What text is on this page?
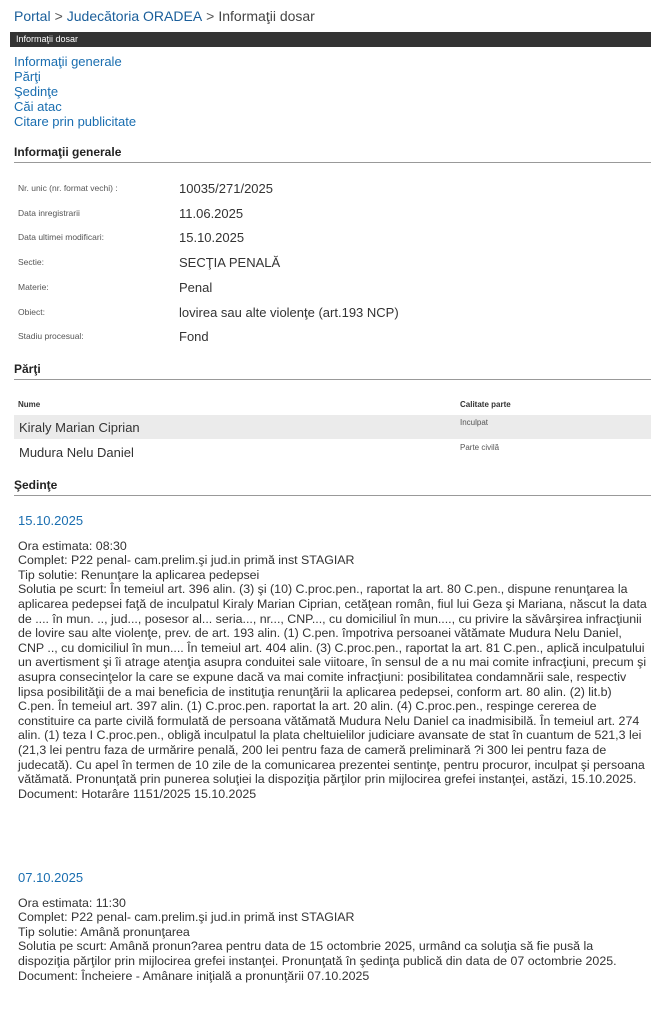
Portal > Judecătoria ORADEA > Informaţii dosar
Informaţii dosar
Informaţii generale
Părţi
Şedinţe
Căi atac
Citare prin publicitate
Informaţii generale
Nr. unic (nr. format vechi) :	10035/271/2025
Data inregistrarii	11.06.2025
Data ultimei modificari:	15.10.2025
Sectie:	SECŢIA PENALĂ
Materie:	Penal
Obiect:	lovirea sau alte violenţe (art.193 NCP)
Stadiu procesual:	Fond
Părţi
Nume	Calitate parte
Kiraly Marian Ciprian	Inculpat
Mudura Nelu Daniel	Parte civilă
Şedinţe
15.10.2025
Ora estimata: 08:30
Complet: P22 penal- cam.prelim.şi jud.in primă inst STAGIAR
Tip solutie: Renunţare la aplicarea pedepsei
Solutia pe scurt: În temeiul art. 396 alin. (3) şi (10) C.proc.pen., raportat la art. 80 C.pen., dispune renunţarea la aplicarea pedepsei faţă de inculpatul Kiraly Marian Ciprian, cetăţean român, fiul lui Geza şi Mariana, născut la data de .... în mun. .., jud..., posesor al... seria..., nr..., CNP..., cu domiciliul în mun...., cu privire la săvârşirea infracţiunii de lovire sau alte violenţe, prev. de art. 193 alin. (1) C.pen. împotriva persoanei vătămate Mudura Nelu Daniel, CNP .., cu domiciliul în mun.... În temeiul art. 404 alin. (3) C.proc.pen., raportat la art. 81 C.pen., aplică inculpatului un avertisment şi îi atrage atenţia asupra conduitei sale viitoare, în sensul de a nu mai comite infracţiuni, precum şi asupra consecinţelor la care se expune dacă va mai comite infracţiuni: posibilitatea condamnării sale, respectiv lipsa posibilităţii de a mai beneficia de instituţia renunţării la aplicarea pedepsei, conform art. 80 alin. (2) lit.b) C.pen. În temeiul art. 397 alin. (1) C.proc.pen. raportat la art. 20 alin. (4) C.proc.pen., respinge cererea de constituire ca parte civilă formulată de persoana vătămată Mudura Nelu Daniel ca inadmisibilă. În temeiul art. 274 alin. (1) teza I C.proc.pen., obligă inculpatul la plata cheltuielilor judiciare avansate de stat în cuantum de 521,3 lei (21,3 lei pentru faza de urmărire penală, 200 lei pentru faza de cameră preliminară ?i 300 lei pentru faza de judecată). Cu apel în termen de 10 zile de la comunicarea prezentei sentinţe, pentru procuror, inculpat şi persoana vătămată. Pronunţată prin punerea soluţiei la dispoziţia părţilor prin mijlocirea grefei instanţei, astăzi, 15.10.2025.
Document: Hotarâre 1151/2025 15.10.2025
07.10.2025
Ora estimata: 11:30
Complet: P22 penal- cam.prelim.şi jud.in primă inst STAGIAR
Tip solutie: Amână pronunţarea
Solutia pe scurt: Amână pronun?area pentru data de 15 octombrie 2025, urmând ca soluţia să fie pusă la dispoziţia părţilor prin mijlocirea grefei instanţei. Pronunţată în şedinţa publică din data de 07 octombrie 2025.
Document: Încheiere - Amânare iniţială a pronunţării 07.10.2025
